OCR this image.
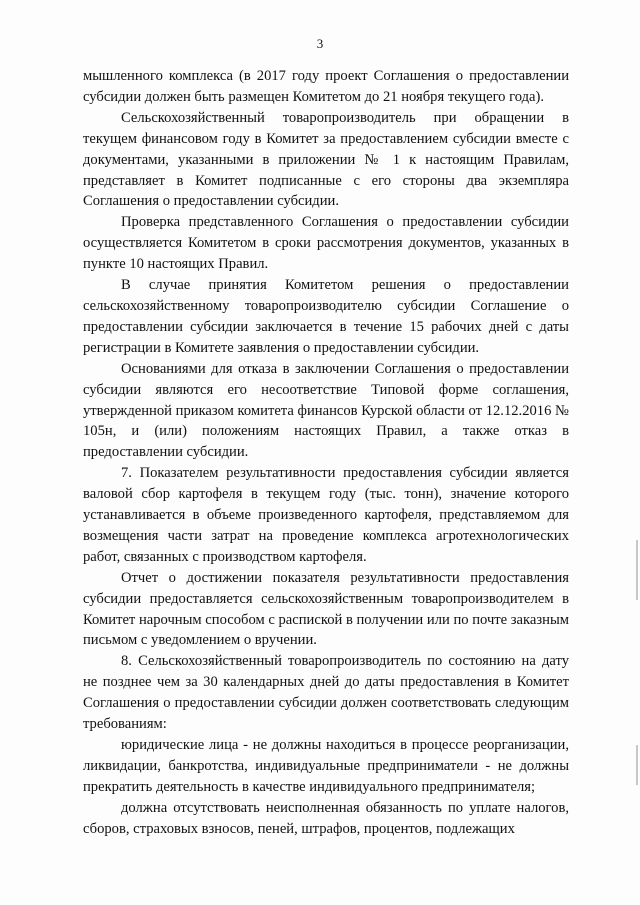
3

мышленного комплекса (в 2017 году проект Соглашения о предоставлении субсидии должен быть размещен Комитетом до 21 ноября текущего года).

Сельскохозяйственный товаропроизводитель при обращении в текущем финансовом году в Комитет за предоставлением субсидии вместе с документами, указанными в приложении № 1 к настоящим Правилам, представляет в Комитет подписанные с его стороны два экземпляра Соглашения о предоставлении субсидии.

Проверка представленного Соглашения о предоставлении субсидии осуществляется Комитетом в сроки рассмотрения документов, указанных в пункте 10 настоящих Правил.

В случае принятия Комитетом решения о предоставлении сельскохозяйственному товаропроизводителю субсидии Соглашение о предоставлении субсидии заключается в течение 15 рабочих дней с даты регистрации в Комитете заявления о предоставлении субсидии.

Основаниями для отказа в заключении Соглашения о предоставлении субсидии являются его несоответствие Типовой форме соглашения, утвержденной приказом комитета финансов Курской области от 12.12.2016 № 105н, и (или) положениям настоящих Правил, а также отказ в предоставлении субсидии.

7. Показателем результативности предоставления субсидии является валовой сбор картофеля в текущем году (тыс. тонн), значение которого устанавливается в объеме произведенного картофеля, представляемом для возмещения части затрат на проведение комплекса агротехнологических работ, связанных с производством картофеля.

Отчет о достижении показателя результативности предоставления субсидии предоставляется сельскохозяйственным товаропроизводителем в Комитет нарочным способом с распиской в получении или по почте заказным письмом с уведомлением о вручении.

8. Сельскохозяйственный товаропроизводитель по состоянию на дату не позднее чем за 30 календарных дней до даты предоставления в Комитет Соглашения о предоставлении субсидии должен соответствовать следующим требованиям:

юридические лица - не должны находиться в процессе реорганизации, ликвидации, банкротства, индивидуальные предприниматели - не должны прекратить деятельность в качестве индивидуального предпринимателя;

должна отсутствовать неисполненная обязанность по уплате налогов, сборов, страховых взносов, пеней, штрафов, процентов, подлежащих
